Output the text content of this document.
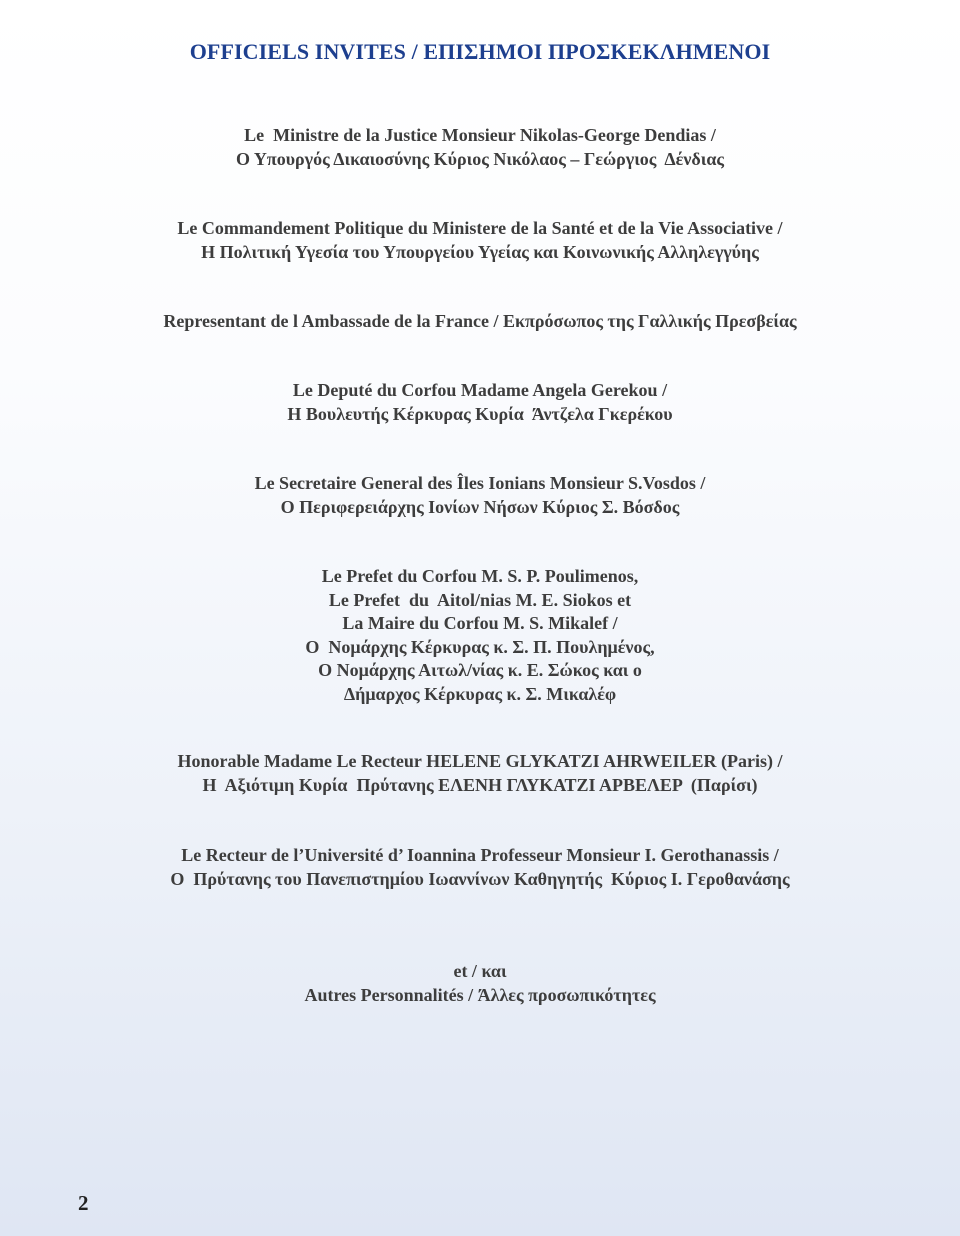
OFFICIELS INVITES / ΕΠΙΣΗΜΟΙ ΠΡΟΣΚΕΚΛΗΜΕΝΟΙ
Le  Ministre de la Justice Monsieur Nikolas-George Dendias /
Ο Υπουργός Δικαιοσύνης Κύριος Νικόλαος – Γεώργιος  Δένδιας
Le Commandement Politique du Ministere de la Santé et de la Vie Associative /
Η Πολιτική Υγεσία του Υπουργείου Υγείας και Κοινωνικής Αλληλεγγύης
Representant de l Ambassade de la France / Εκπρόσωπος της Γαλλικής Πρεσβείας
Le Deputé du Corfou Madame Angela Gerekou /
Η Βουλευτής Κέρκυρας Κυρία  Άντζελα Γκερέκου
Le Secretaire General des Îles Ionians Monsieur S.Vosdos /
Ο Περιφερειάρχης Ιονίων Νήσων Κύριος Σ. Βόσδος
Le Prefet du Corfou M. S. P. Poulimenos,
Le Prefet  du  Aitol/nias M. E. Siokos et
La Maire du Corfou M. S. Mikalef /
Ο  Νομάρχης Κέρκυρας κ. Σ. Π. Πουλημένος,
Ο Νομάρχης Αιτωλ/νίας κ. Ε. Σώκος και ο
Δήμαρχος Κέρκυρας κ. Σ. Μικαλέφ
Honorable Madame Le Recteur HELENE GLYKATZI AHRWEILER (Paris) /
Η  Αξιότιμη Κυρία  Πρύτανης ΕΛΕΝΗ ΓΛΥΚΑΤΖΙ ΑΡΒΕΛΕΡ  (Παρίσι)
Le Recteur de l’Université d’ Ioannina Professeur Monsieur I. Gerothanassis /
Ο  Πρύτανης του Πανεπιστημίου Ιωαννίνων Καθηγητής  Κύριος Ι. Γεροθανάσης
et / και
Autres Personnalités / Άλλες προσωπικότητες
2
